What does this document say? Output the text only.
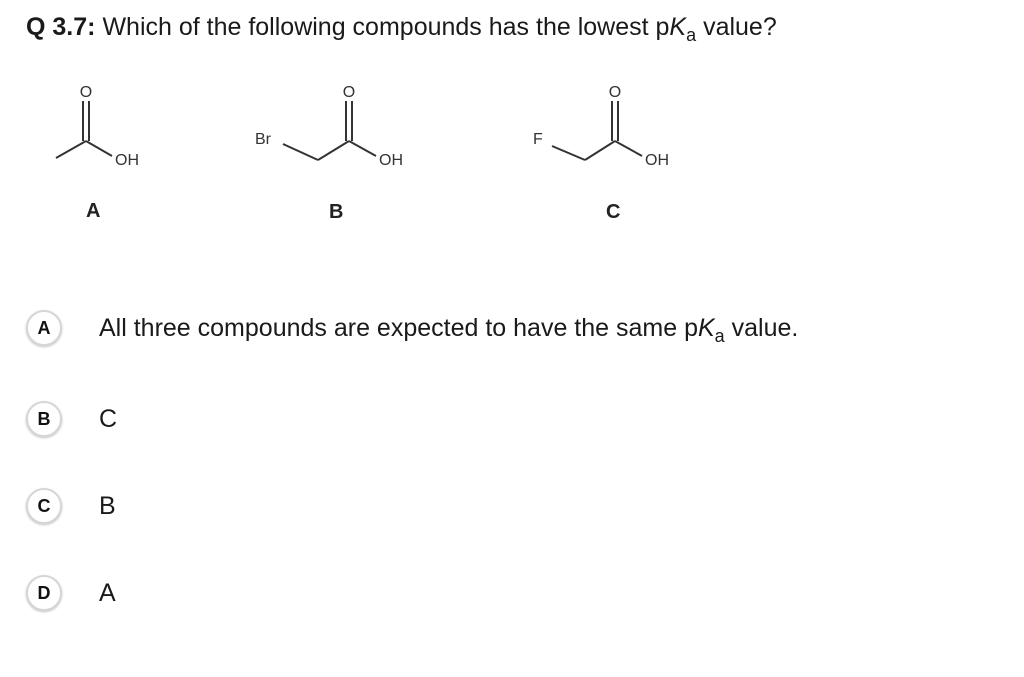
Q 3.7: Which of the following compounds has the lowest $pK_a$ value?
O
OH
Br
O
OH
F
O
OH
A	B	C
A	All three compounds are expected to have the same $pK_a$ value.
B	C
C	B
D	A
